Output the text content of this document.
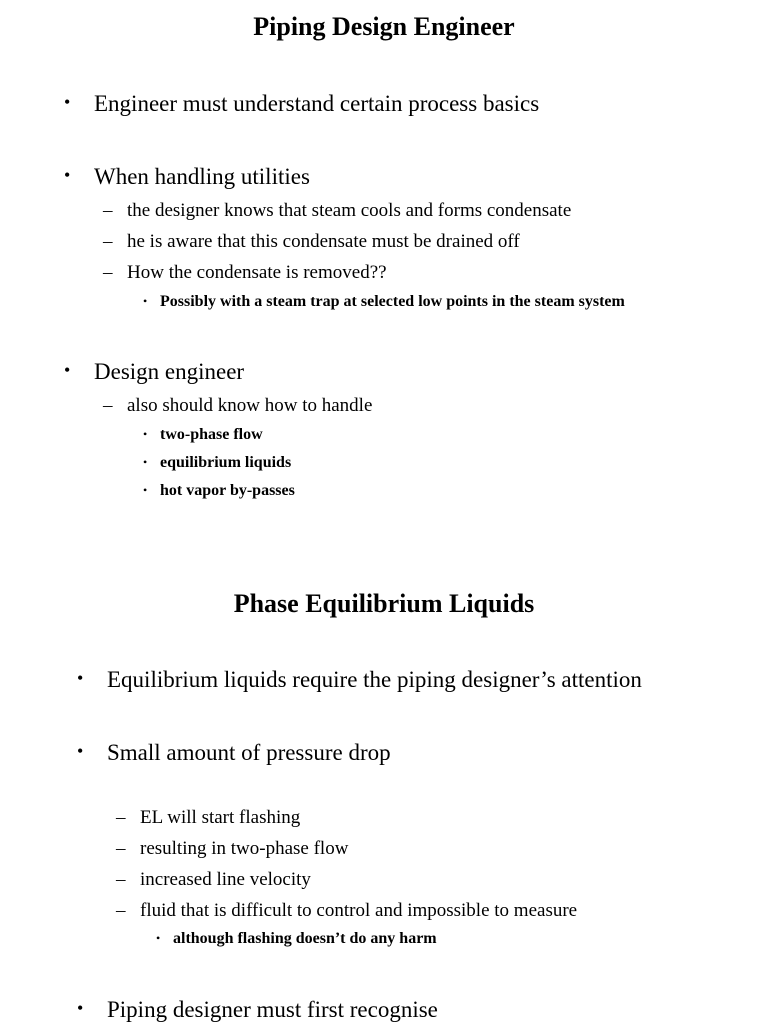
Piping Design Engineer
• Engineer must understand certain process basics
• When handling utilities
– the designer knows that steam cools and forms condensate
– he is aware that this condensate must be drained off
– How the condensate is removed??
• Possibly with a steam trap at selected low points in the steam system
• Design engineer
– also should know how to handle
• two-phase flow
• equilibrium liquids
• hot vapor by-passes
Phase Equilibrium Liquids
• Equilibrium liquids require the piping designer’s attention
• Small amount of pressure drop
– EL will start flashing
– resulting in two-phase flow
– increased line velocity
– fluid that is difficult to control and impossible to measure
• although flashing doesn’t do any harm
• Piping designer must first recognise
